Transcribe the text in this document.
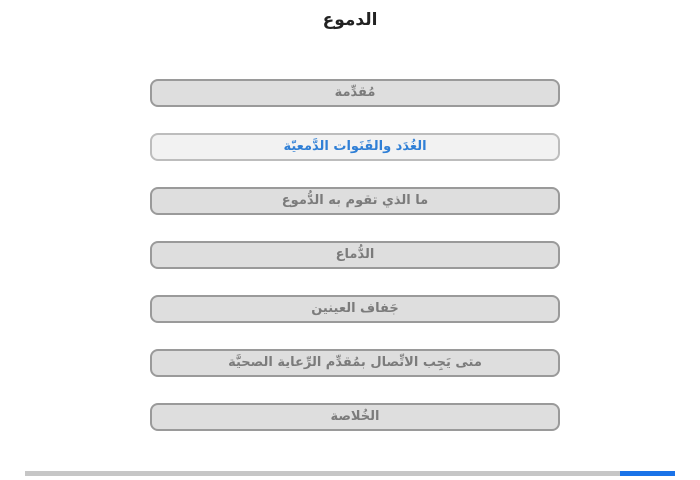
الدموع
مُقدِّمة
الغُدَد والقَنَوات الدَّمعيّة
ما الذي تقوم به الدُّموع
الدُّماع
جَفاف العينين
متى يَجِب الاتِّصال بمُقدِّم الرِّعاية الصحيَّة
الخُلاصة
